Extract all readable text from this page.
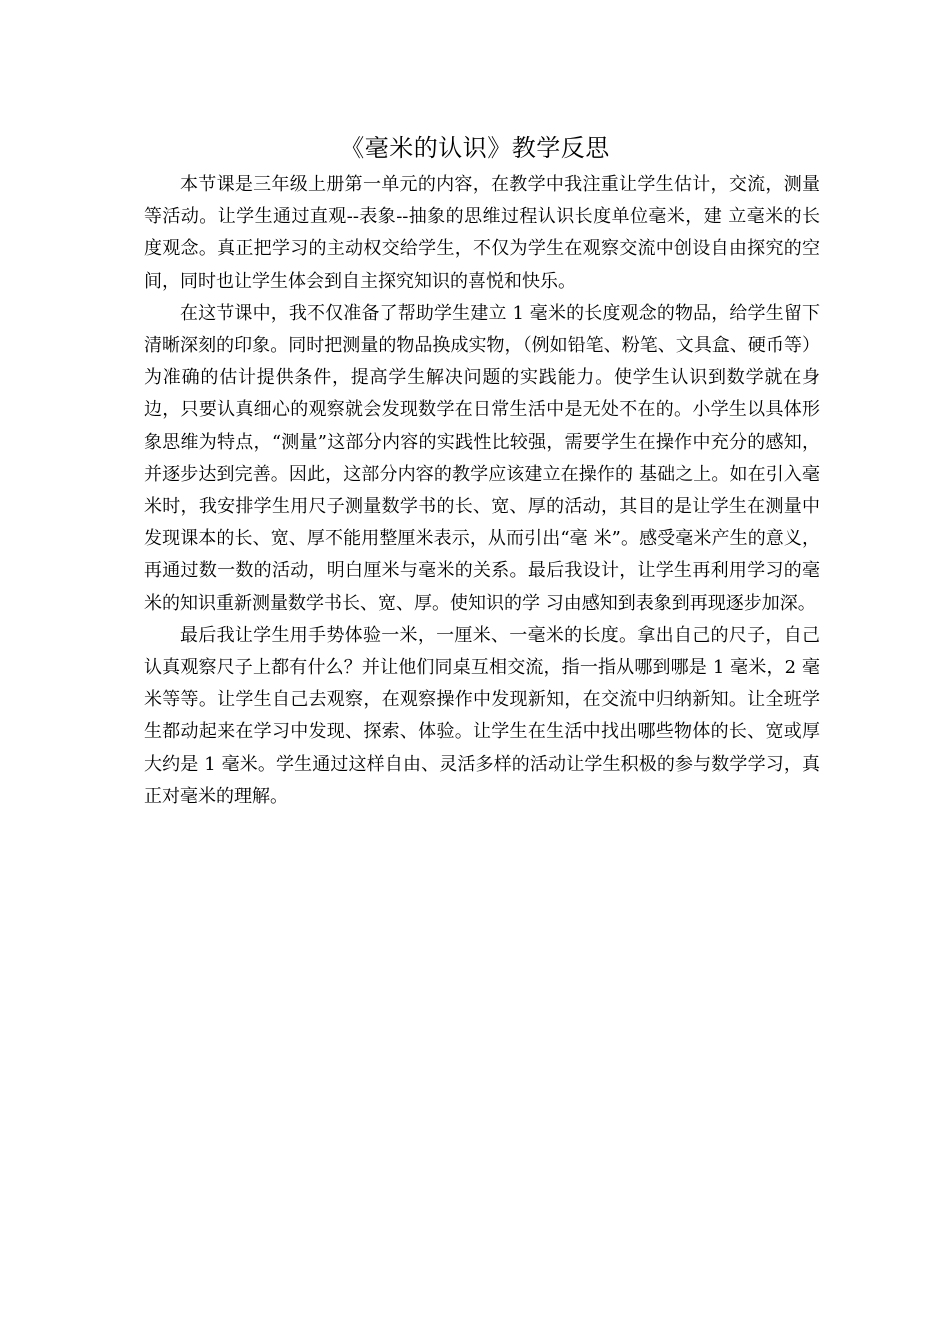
《毫米的认识》教学反思

本节课是三年级上册第一单元的内容，在教学中我注重让学生估计，交流，测量等活动。让学生通过直观--表象--抽象的思维过程认识长度单位毫米，建 立毫米的长度观念。真正把学习的主动权交给学生，不仅为学生在观察交流中创设自由探究的空间，同时也让学生体会到自主探究知识的喜悦和快乐。

在这节课中，我不仅准备了帮助学生建立 1 毫米的长度观念的物品，给学生留下清晰深刻的印象。同时把测量的物品换成实物，（例如铅笔、粉笔、文具盒、硬币等）为准确的估计提供条件，提高学生解决问题的实践能力。使学生认识到数学就在身边，只要认真细心的观察就会发现数学在日常生活中是无处不在的。小学生以具体形象思维为特点，“测量”这部分内容的实践性比较强，需要学生在操作中充分的感知，并逐步达到完善。因此，这部分内容的教学应该建立在操作的 基础之上。如在引入毫米时，我安排学生用尺子测量数学书的长、宽、厚的活动，其目的是让学生在测量中发现课本的长、宽、厚不能用整厘米表示，从而引出“毫 米”。感受毫米产生的意义，再通过数一数的活动，明白厘米与毫米的关系。最后我设计，让学生再利用学习的毫米的知识重新测量数学书长、宽、厚。使知识的学 习由感知到表象到再现逐步加深。

最后我让学生用手势体验一米，一厘米、一毫米的长度。拿出自己的尺子，自己认真观察尺子上都有什么？并让他们同桌互相交流，指一指从哪到哪是 1 毫米，2 毫米等等。让学生自己去观察，在观察操作中发现新知，在交流中归纳新知。让全班学生都动起来在学习中发现、探索、体验。让学生在生活中找出哪些物体的长、宽或厚大约是 1 毫米。学生通过这样自由、灵活多样的活动让学生积极的参与数学学习，真正对毫米的理解。
